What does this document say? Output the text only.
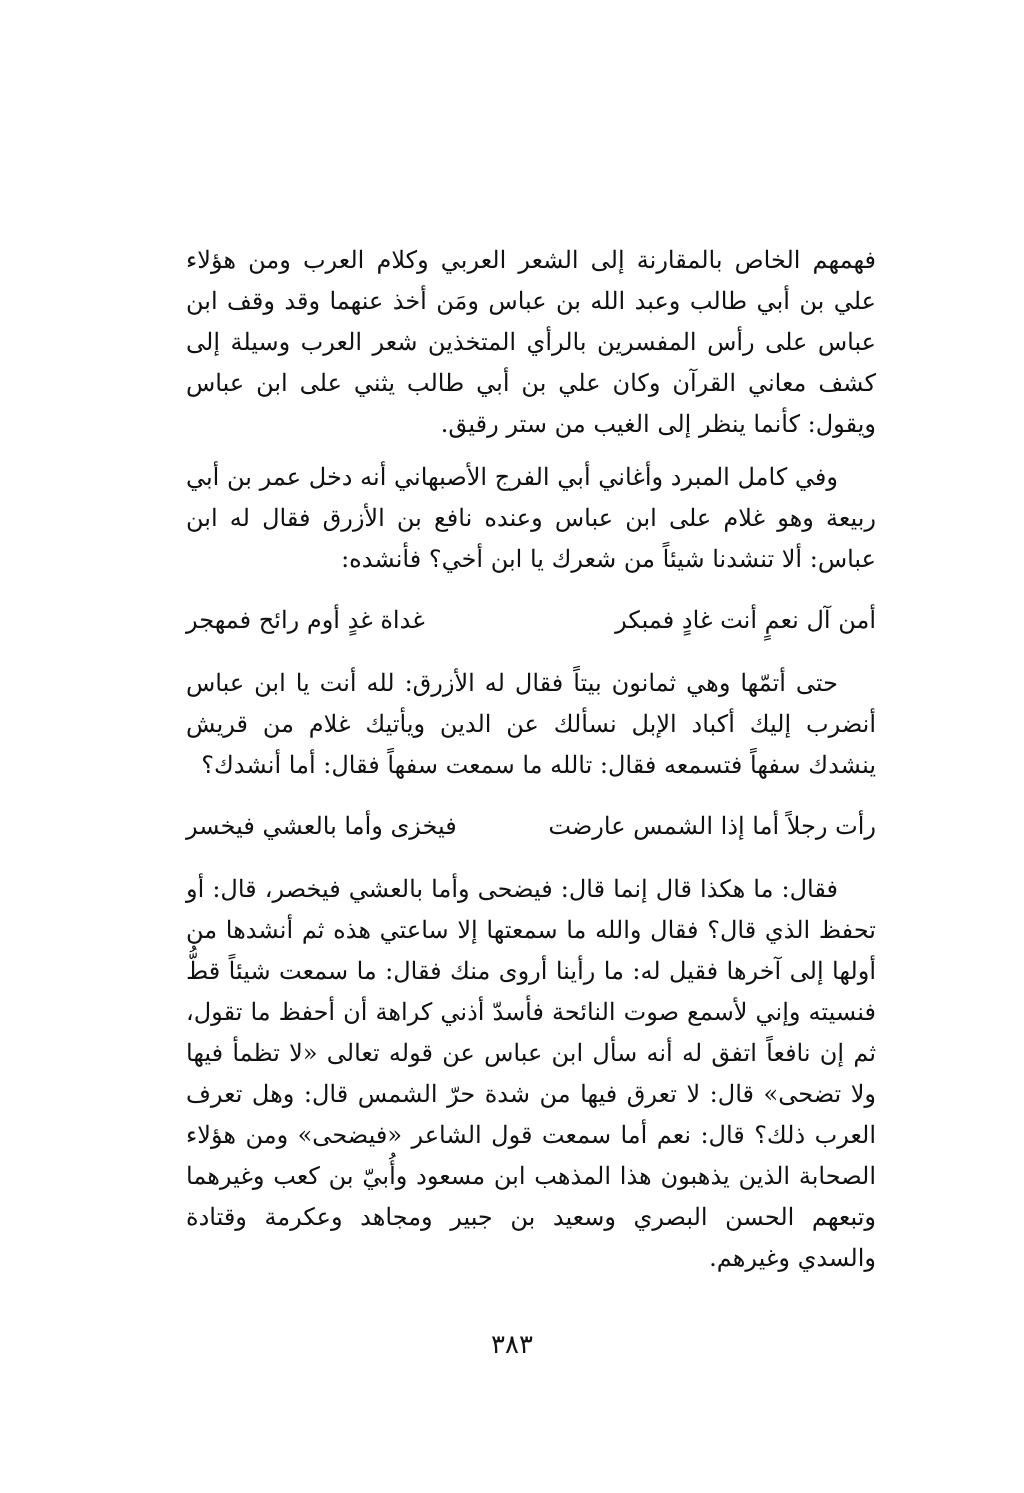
فهمهم الخاص بالمقارنة إلى الشعر العربي وكلام العرب ومن هؤلاء علي بن أبي طالب وعبد الله بن عباس ومَن أخذ عنهما وقد وقف ابن عباس على رأس المفسرين بالرأي المتخذين شعر العرب وسيلة إلى كشف معاني القرآن وكان علي بن أبي طالب يثني على ابن عباس ويقول: كأنما ينظر إلى الغيب من ستر رقيق.

وفي كامل المبرد وأغاني أبي الفرج الأصبهاني أنه دخل عمر بن أبي ربيعة وهو غلام على ابن عباس وعنده نافع بن الأزرق فقال له ابن عباس: ألا تنشدنا شيئاً من شعرك يا ابن أخي؟ فأنشده:

أمن آل نعمٍ أنت غادٍ فمبكر
غداة غدٍ أوم رائح فمهجر

حتى أتمّها وهي ثمانون بيتاً فقال له الأزرق: لله أنت يا ابن عباس أنضرب إليك أكباد الإبل نسألك عن الدين ويأتيك غلام من قريش ينشدك سفهاً فتسمعه فقال: تالله ما سمعت سفهاً فقال: أما أنشدك؟

رأت رجلاً أما إذا الشمس عارضت
فيخزى وأما بالعشي فيخسر

فقال: ما هكذا قال إنما قال: فيضحى وأما بالعشي فيخصر، قال: أو تحفظ الذي قال؟ فقال والله ما سمعتها إلا ساعتي هذه ثم أنشدها من أولها إلى آخرها فقيل له: ما رأينا أروى منك فقال: ما سمعت شيئاً قطُّ فنسيته وإني لأسمع صوت النائحة فأسدّ أذني كراهة أن أحفظ ما تقول، ثم إن نافعاً اتفق له أنه سأل ابن عباس عن قوله تعالى «لا تظمأ فيها ولا تضحى» قال: لا تعرق فيها من شدة حرّ الشمس قال: وهل تعرف العرب ذلك؟ قال: نعم أما سمعت قول الشاعر «فيضحى» ومن هؤلاء الصحابة الذين يذهبون هذا المذهب ابن مسعود وأُبيّ بن كعب وغيرهما وتبعهم الحسن البصري وسعيد بن جبير ومجاهد وعكرمة وقتادة والسدي وغيرهم.

٣٨٣
